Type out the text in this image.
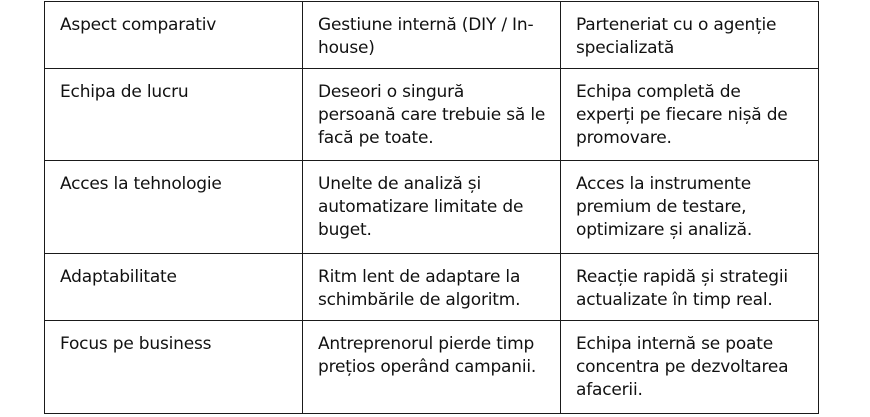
Aspect comparativ	Gestiune internă (DIY / In-house)	Parteneriat cu o agenție specializată
Echipa de lucru	Deseori o singură persoană care trebuie să le facă pe toate.	Echipa completă de experți pe fiecare nișă de promovare.
Acces la tehnologie	Unelte de analiză și automatizare limitate de buget.	Acces la instrumente premium de testare, optimizare și analiză.
Adaptabilitate	Ritm lent de adaptare la schimbările de algoritm.	Reacție rapidă și strategii actualizate în timp real.
Focus pe business	Antreprenorul pierde timp prețios operând campanii.	Echipa internă se poate concentra pe dezvoltarea afacerii.
